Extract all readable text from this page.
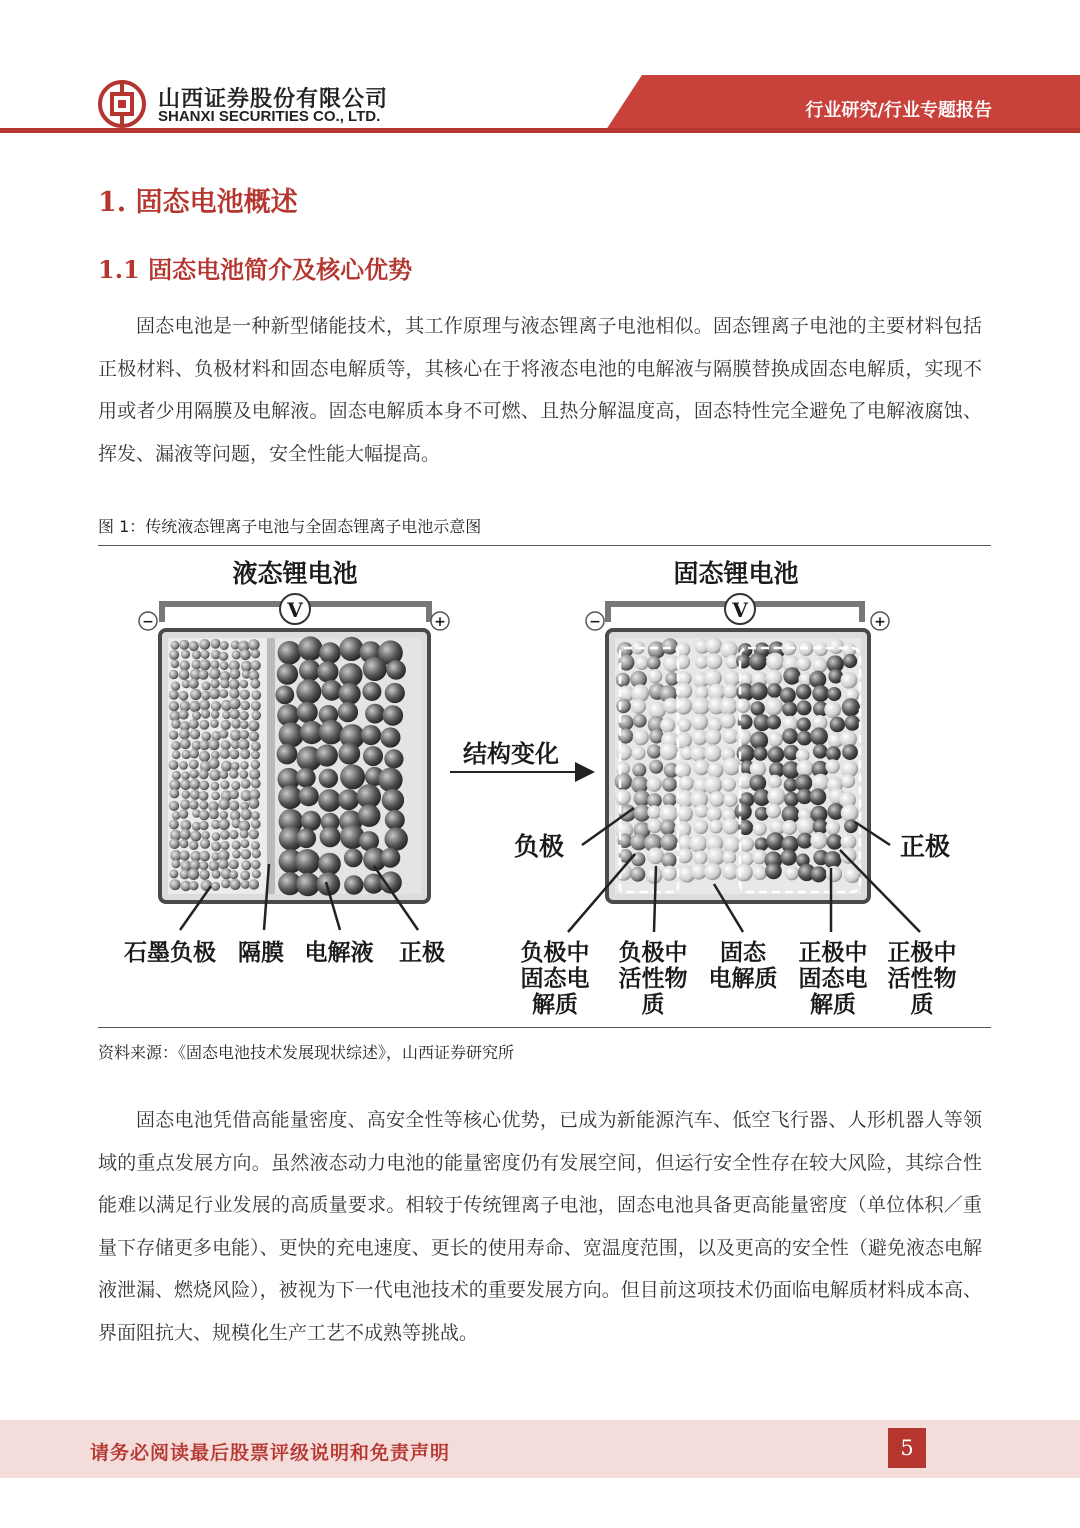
山西证券股份有限公司
SHANXI SECURITIES CO., LTD.	行业研究/行业专题报告
1. 固态电池概述
1.1 固态电池简介及核心优势

固态电池是一种新型储能技术，其工作原理与液态锂离子电池相似。固态锂离子电池的主要材料包括正极材料、负极材料和固态电解质等，其核心在于将液态电池的电解液与隔膜替换成固态电解质，实现不用或者少用隔膜及电解液。固态电解质本身不可燃、且热分解温度高，固态特性完全避免了电解液腐蚀、挥发、漏液等问题，安全性能大幅提高。

图 1：传统液态锂离子电池与全固态锂离子电池示意图
液态锂电池
V
−	+
石墨负极 隔膜 电解液 正极
结构变化
固态锂电池
V
−	+
负极	正极
负极中
固态电
解质
负极中
活性物
质
固态
电解质
正极中
固态电
解质
正极中
活性物
质
资料来源：《固态电池技术发展现状综述》，山西证券研究所

固态电池凭借高能量密度、高安全性等核心优势，已成为新能源汽车、低空飞行器、人形机器人等领域的重点发展方向。虽然液态动力电池的能量密度仍有发展空间，但运行安全性存在较大风险，其综合性能难以满足行业发展的高质量要求。相较于传统锂离子电池，固态电池具备更高能量密度（单位体积／重量下存储更多电能）、更快的充电速度、更长的使用寿命、宽温度范围，以及更高的安全性（避免液态电解液泄漏、燃烧风险），被视为下一代电池技术的重要发展方向。但目前这项技术仍面临电解质材料成本高、界面阻抗大、规模化生产工艺不成熟等挑战。

请务必阅读最后股票评级说明和免责声明	5
